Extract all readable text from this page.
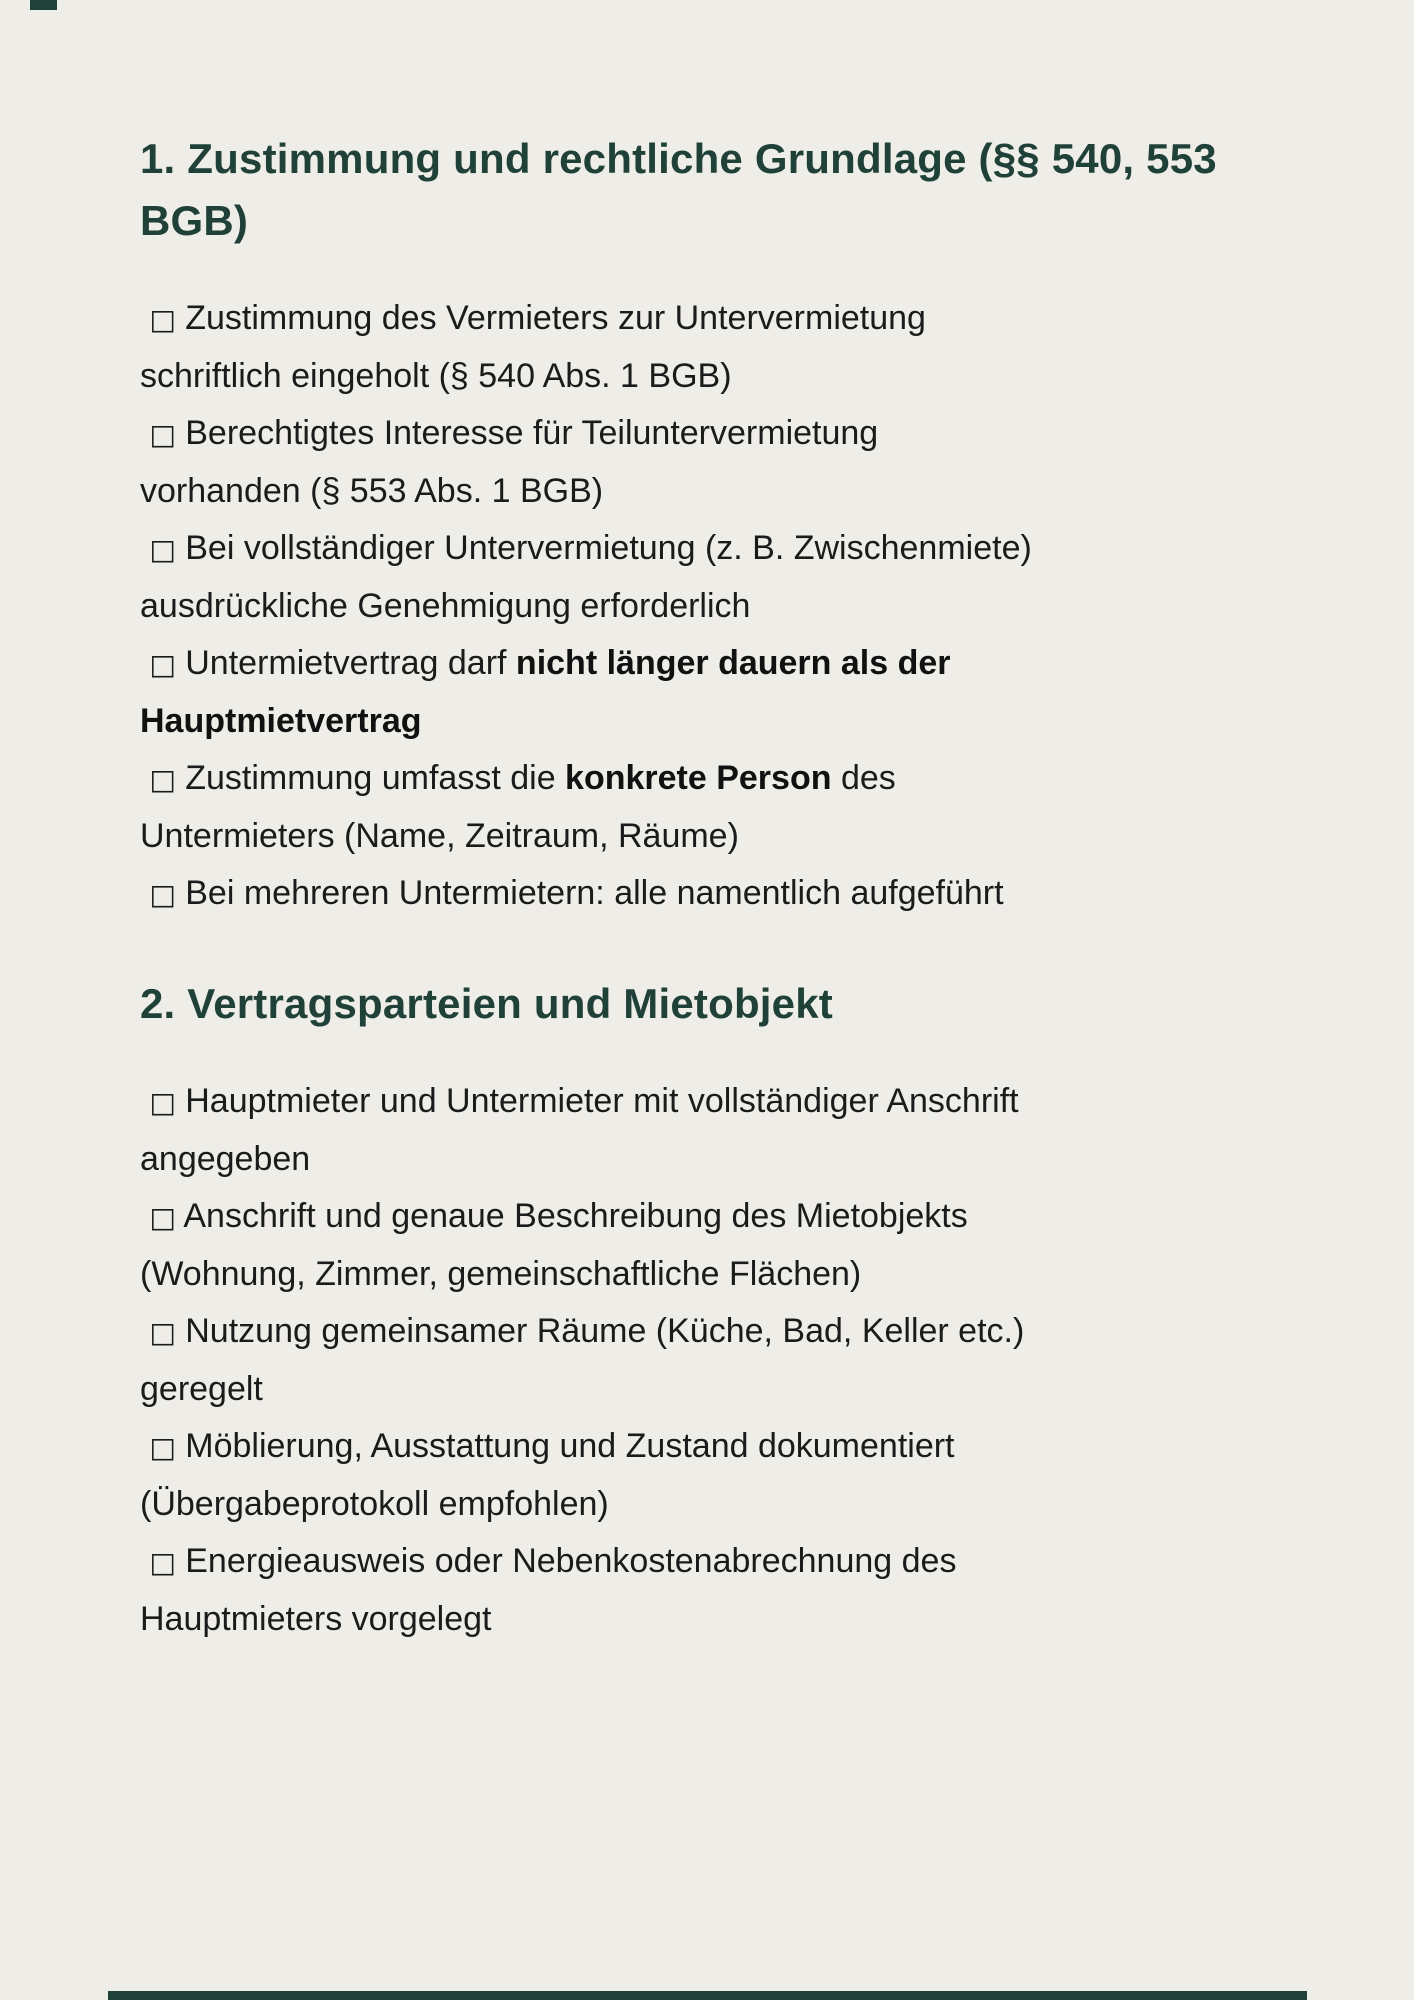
1. Zustimmung und rechtliche Grundlage (§§ 540, 553
BGB)

□ Zustimmung des Vermieters zur Untervermietung
schriftlich eingeholt (§ 540 Abs. 1 BGB)

□ Berechtigtes Interesse für Teiluntervermietung
vorhanden (§ 553 Abs. 1 BGB)

□ Bei vollständiger Untervermietung (z. B. Zwischenmiete)
ausdrückliche Genehmigung erforderlich

□ Untermietvertrag darf nicht länger dauern als der
Hauptmietvertrag

□ Zustimmung umfasst die konkrete Person des
Untermieters (Name, Zeitraum, Räume)

□ Bei mehreren Untermietern: alle namentlich aufgeführt

2. Vertragsparteien und Mietobjekt

□ Hauptmieter und Untermieter mit vollständiger Anschrift
angegeben

□ Anschrift und genaue Beschreibung des Mietobjekts
(Wohnung, Zimmer, gemeinschaftliche Flächen)

□ Nutzung gemeinsamer Räume (Küche, Bad, Keller etc.)
geregelt

□ Möblierung, Ausstattung und Zustand dokumentiert
(Übergabeprotokoll empfohlen)

□ Energieausweis oder Nebenkostenabrechnung des
Hauptmieters vorgelegt
